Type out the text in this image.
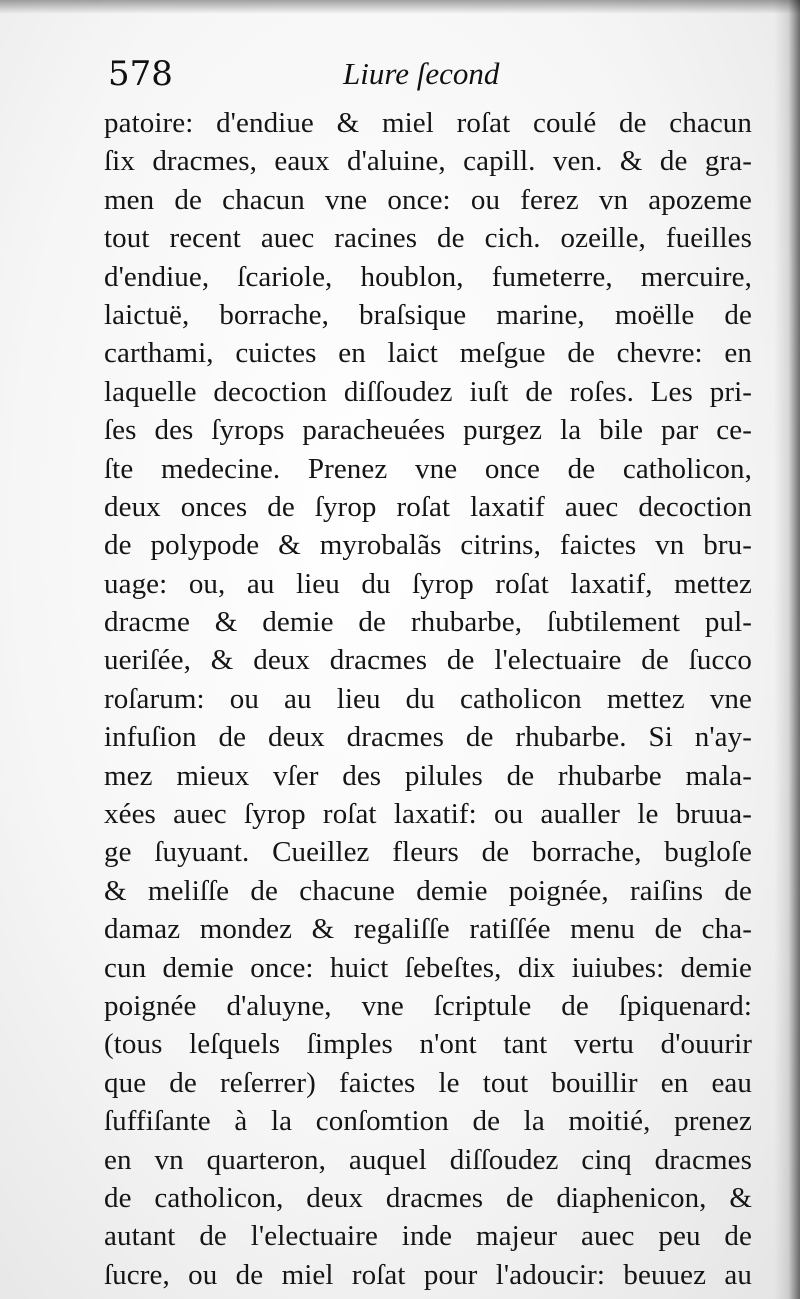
578	Liure ſecond
patoire: d'endiue & miel roſat coulé de chacun
ſix dracmes, eaux d'aluine, capill. ven. & de gra-
men de chacun vne once: ou ferez vn apozeme
tout recent auec racines de cich. ozeille, fueilles
d'endiue, ſcariole, houblon, fumeterre, mercuire,
laictuë, borrache, braſsique marine, moëlle de
carthami, cuictes en laict meſgue de chevre: en
laquelle decoction diſſoudez iuſt de roſes. Les pri-
ſes des ſyrops paracheuées purgez la bile par ce-
ſte medecine. Prenez vne once de catholicon,
deux onces de ſyrop roſat laxatif auec decoction
de polypode & myrobalãs citrins, faictes vn bru-
uage: ou, au lieu du ſyrop roſat laxatif, mettez
dracme & demie de rhubarbe, ſubtilement pul-
ueriſée, & deux dracmes de l'electuaire de ſucco
roſarum: ou au lieu du catholicon mettez vne
infuſion de deux dracmes de rhubarbe. Si n'ay-
mez mieux vſer des pilules de rhubarbe mala-
xées auec ſyrop roſat laxatif: ou aualler le bruua-
ge ſuyuant. Cueillez fleurs de borrache, bugloſe
& meliſſe de chacune demie poignée, raiſins de
damaz mondez & regaliſſe ratiſſée menu de cha-
cun demie once: huict ſebeſtes, dix iuiubes: demie
poignée d'aluyne, vne ſcriptule de ſpiquenard:
(tous leſquels ſimples n'ont tant vertu d'ouurir
que de reſerrer) faictes le tout bouillir en eau
ſuffiſante à la conſomtion de la moitié, prenez
en vn quarteron, auquel diſſoudez cinq dracmes
de catholicon, deux dracmes de diaphenicon, &
autant de l'electuaire inde majeur auec peu de
ſucre, ou de miel roſat pour l'adoucir: beuuez au
